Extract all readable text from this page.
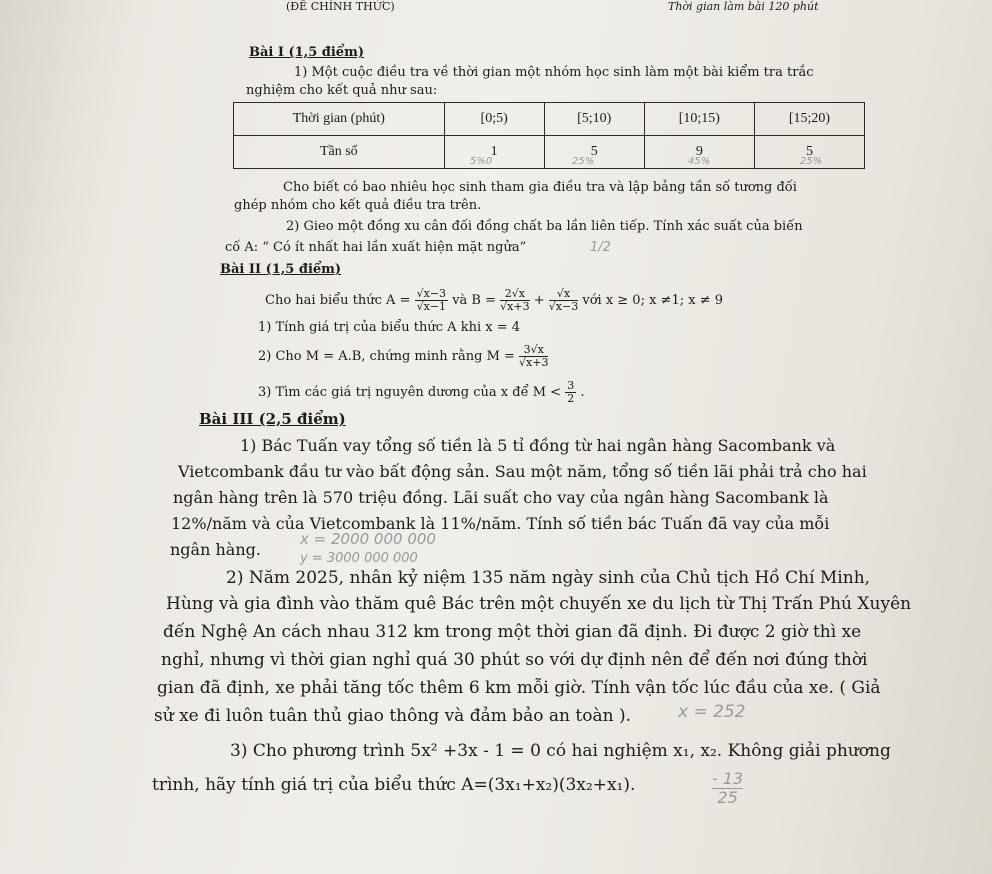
(ĐỀ CHÍNH THỨC)	Thời gian làm bài 120 phút
Bài I (1,5 điểm)
1) Một cuộc điều tra về thời gian một nhóm học sinh làm một bài kiểm tra trắc
nghiệm cho kết quả như sau:
Thời gian (phút)	[0;5)	[5;10)	[10;15)	[15;20)
Tần số	1	5	9	5
5%0	25%	45%	25%
Cho biết có bao nhiêu học sinh tham gia điều tra và lập bảng tần số tương đối
ghép nhóm cho kết quả điều tra trên.
2) Gieo một đồng xu cân đối đồng chất ba lần liên tiếp. Tính xác suất của biến
cố A: “ Có ít nhất hai lần xuất hiện mặt ngửa”	1/2
Bài II (1,5 điểm)
Cho hai biểu thức $A = \frac{√x-3}{√x-1}$ và $B = \frac{2√x}{√x+3} + \frac{√x}{√x-3}$ với x ≥ 0; x ≠1; x ≠ 9
1) Tính giá trị của biểu thức A khi x = 4
2) Cho M = A.B, chứng minh rằng $M = \frac{3√x}{√x+3}$
3) Tìm các giá trị nguyên dương của x để $M < \frac{3}{2}$ .
Bài III (2,5 điểm)
1) Bác Tuấn vay tổng số tiền là 5 tỉ đồng từ hai ngân hàng Sacombank và
Vietcombank đầu tư vào bất động sản. Sau một năm, tổng số tiền lãi phải trả cho hai
ngân hàng trên là 570 triệu đồng. Lãi suất cho vay của ngân hàng Sacombank là
12%/năm và của Vietcombank là 11%/năm. Tính số tiền bác Tuấn đã vay của mỗi
ngân hàng.
x = 2000 000 000
y = 3000 000 000
2) Năm 2025, nhân kỷ niệm 135 năm ngày sinh của Chủ tịch Hồ Chí Minh,
Hùng và gia đình vào thăm quê Bác trên một chuyến xe du lịch từ Thị Trấn Phú Xuyên
đến Nghệ An cách nhau 312 km trong một thời gian đã định. Đi được 2 giờ thì xe
nghỉ, nhưng vì thời gian nghỉ quá 30 phút so với dự định nên để đến nơi đúng thời
gian đã định, xe phải tăng tốc thêm 6 km mỗi giờ. Tính vận tốc lúc đầu của xe. ( Giả
sử xe đi luôn tuân thủ giao thông và đảm bảo an toàn ).	x = 252
3) Cho phương trình 5x² +3x - 1 = 0 có hai nghiệm x₁, x₂. Không giải phương
trình, hãy tính giá trị của biểu thức A=(3x₁+x₂)(3x₂+x₁).	$\frac{- 13}{25}$
